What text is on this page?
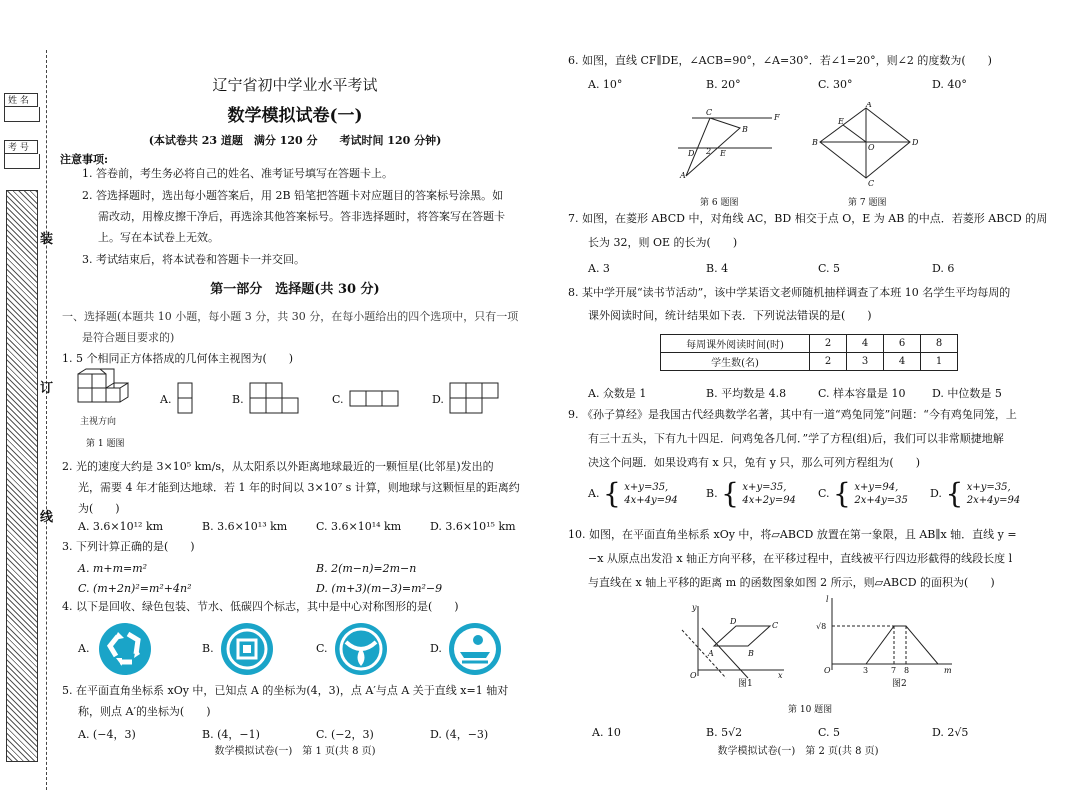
姓 名
考 号
装
订
线
辽宁省初中学业水平考试
数学模拟试卷(一)
(本试卷共 23 道题　满分 120 分　　考试时间 120 分钟)
注意事项:
1. 答卷前，考生务必将自己的姓名、准考证号填写在答题卡上。
2. 答选择题时，选出每小题答案后，用 2B 铅笔把答题卡对应题目的答案标号涂黑。如
需改动，用橡皮擦干净后，再选涂其他答案标号。答非选择题时，将答案写在答题卡
上。写在本试卷上无效。
3. 考试结束后，将本试卷和答题卡一并交回。
第一部分　选择题(共 30 分)
一、选择题(本题共 10 小题，每小题 3 分，共 30 分，在每小题给出的四个选项中，只有一项
是符合题目要求的)
1. 5 个相同正方体搭成的几何体主视图为(　　)
主视方向
第 1 题图
A.	B.	C.	D.
2. 光的速度大约是 3×10⁵ km/s，从太阳系以外距离地球最近的一颗恒星(比邻星)发出的
光，需要 4 年才能到达地球．若 1 年的时间以 3×10⁷ s 计算，则地球与这颗恒星的距离约
为(　　)
A. 3.6×10¹² km	B. 3.6×10¹³ km	C. 3.6×10¹⁴ km	D. 3.6×10¹⁵ km
3. 下列计算正确的是(　　)
A. m+m=m²	B. 2(m−n)=2m−n
C. (m+2n)²=m²+4n²	D. (m+3)(m−3)=m²−9
4. 以下是回收、绿色包装、节水、低碳四个标志，其中是中心对称图形的是(　　)
A.	B.	C.	D.
5. 在平面直角坐标系 xOy 中，已知点 A 的坐标为(4，3)，点 A′与点 A 关于直线 x=1 轴对
称，则点 A′的坐标为(　　)
A. (−4，3)	B. (4，−1)	C. (−2，3)	D. (4，−3)
数学模拟试卷(一)　第 1 页(共 8 页)
6. 如图，直线 CF∥DE，∠ACB=90°，∠A=30°．若∠1=20°，则∠2 的度数为(　　)
A. 10°	B. 20°	C. 30°	D. 40°
C
F
B
D 2 E
A
第 6 题图
A
E
B
O
D
C
第 7 题图
7. 如图，在菱形 ABCD 中，对角线 AC，BD 相交于点 O，E 为 AB 的中点．若菱形 ABCD 的周
长为 32，则 OE 的长为(　　)
A. 3	B. 4	C. 5	D. 6
8. 某中学开展“读书节活动”，该中学某语文老师随机抽样调查了本班 10 名学生平均每周的
课外阅读时间，统计结果如下表．下列说法错误的是(　　)
每周课外阅读时间(时)	2	4	6	8
学生数(名)	2	3	4	1
A. 众数是 1	B. 平均数是 4.8	C. 样本容量是 10 D. 中位数是 5
9. 《孙子算经》是我国古代经典数学名著，其中有一道“鸡兔同笼”问题：“今有鸡兔同笼，上
有三十五头，下有九十四足．问鸡兔各几何．”学了方程(组)后，我们可以非常顺捷地解
决这个问题．如果设鸡有 x 只，兔有 y 只，那么可列方程组为(　　)
A. { x+y=35,
4x+4y=94
B. { x+y=35,
4x+2y=94
C. { x+y=94,
2x+4y=35
D. { x+y=35,
2x+4y=94
10. 如图，在平面直角坐标系 xOy 中，将▱ABCD 放置在第一象限，且 AB∥x 轴．直线 y =
−x 从原点出发沿 x 轴正方向平移，在平移过程中，直线被平行四边形截得的线段长度 l
与直线在 x 轴上平移的距离 m 的函数图象如图 2 所示，则▱ABCD 的面积为(　　)
y
D	C
A	B
O	x
图1
l
√8
O	3	7 8	m
图2
第 10 题图
A. 10	B. 5√2	C. 5	D. 2√5
数学模拟试卷(一)　第 2 页(共 8 页)
